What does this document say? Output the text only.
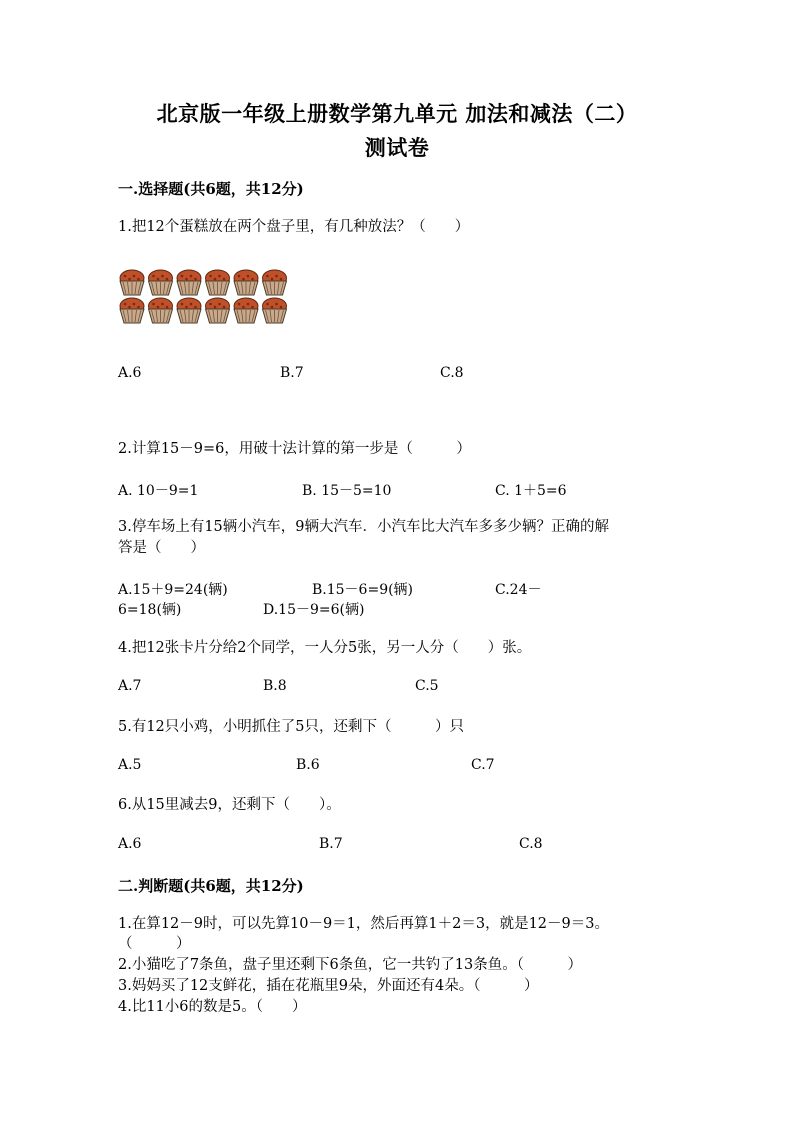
北京版一年级上册数学第九单元 加法和减法（二）
测试卷
一.选择题(共6题，共12分)
1.把12个蛋糕放在两个盘子里，有几种放法？（　　）
A.6	B.7	C.8
2.计算15－9=6，用破十法计算的第一步是（　　　）
A. 10－9=1	B. 15－5=10	C. 1＋5=6
3.停车场上有15辆小汽车，9辆大汽车．小汽车比大汽车多多少辆？正确的解
答是（　　）
A.15＋9=24(辆)	B.15－6=9(辆)	C.24－
6=18(辆)	D.15－9=6(辆)
4.把12张卡片分给2个同学，一人分5张，另一人分（　　）张。
A.7	B.8	C.5
5.有12只小鸡，小明抓住了5只，还剩下（　　　）只
A.5	B.6	C.7
6.从15里减去9，还剩下（　　）。
A.6	B.7	C.8
二.判断题(共6题，共12分)
1.在算12－9时，可以先算10－9＝1，然后再算1＋2＝3，就是12－9＝3。
（　　　）
2.小猫吃了7条鱼，盘子里还剩下6条鱼，它一共钓了13条鱼。（　　　）
3.妈妈买了12支鲜花，插在花瓶里9朵，外面还有4朵。（　　　）
4.比11小6的数是5。（　　）
